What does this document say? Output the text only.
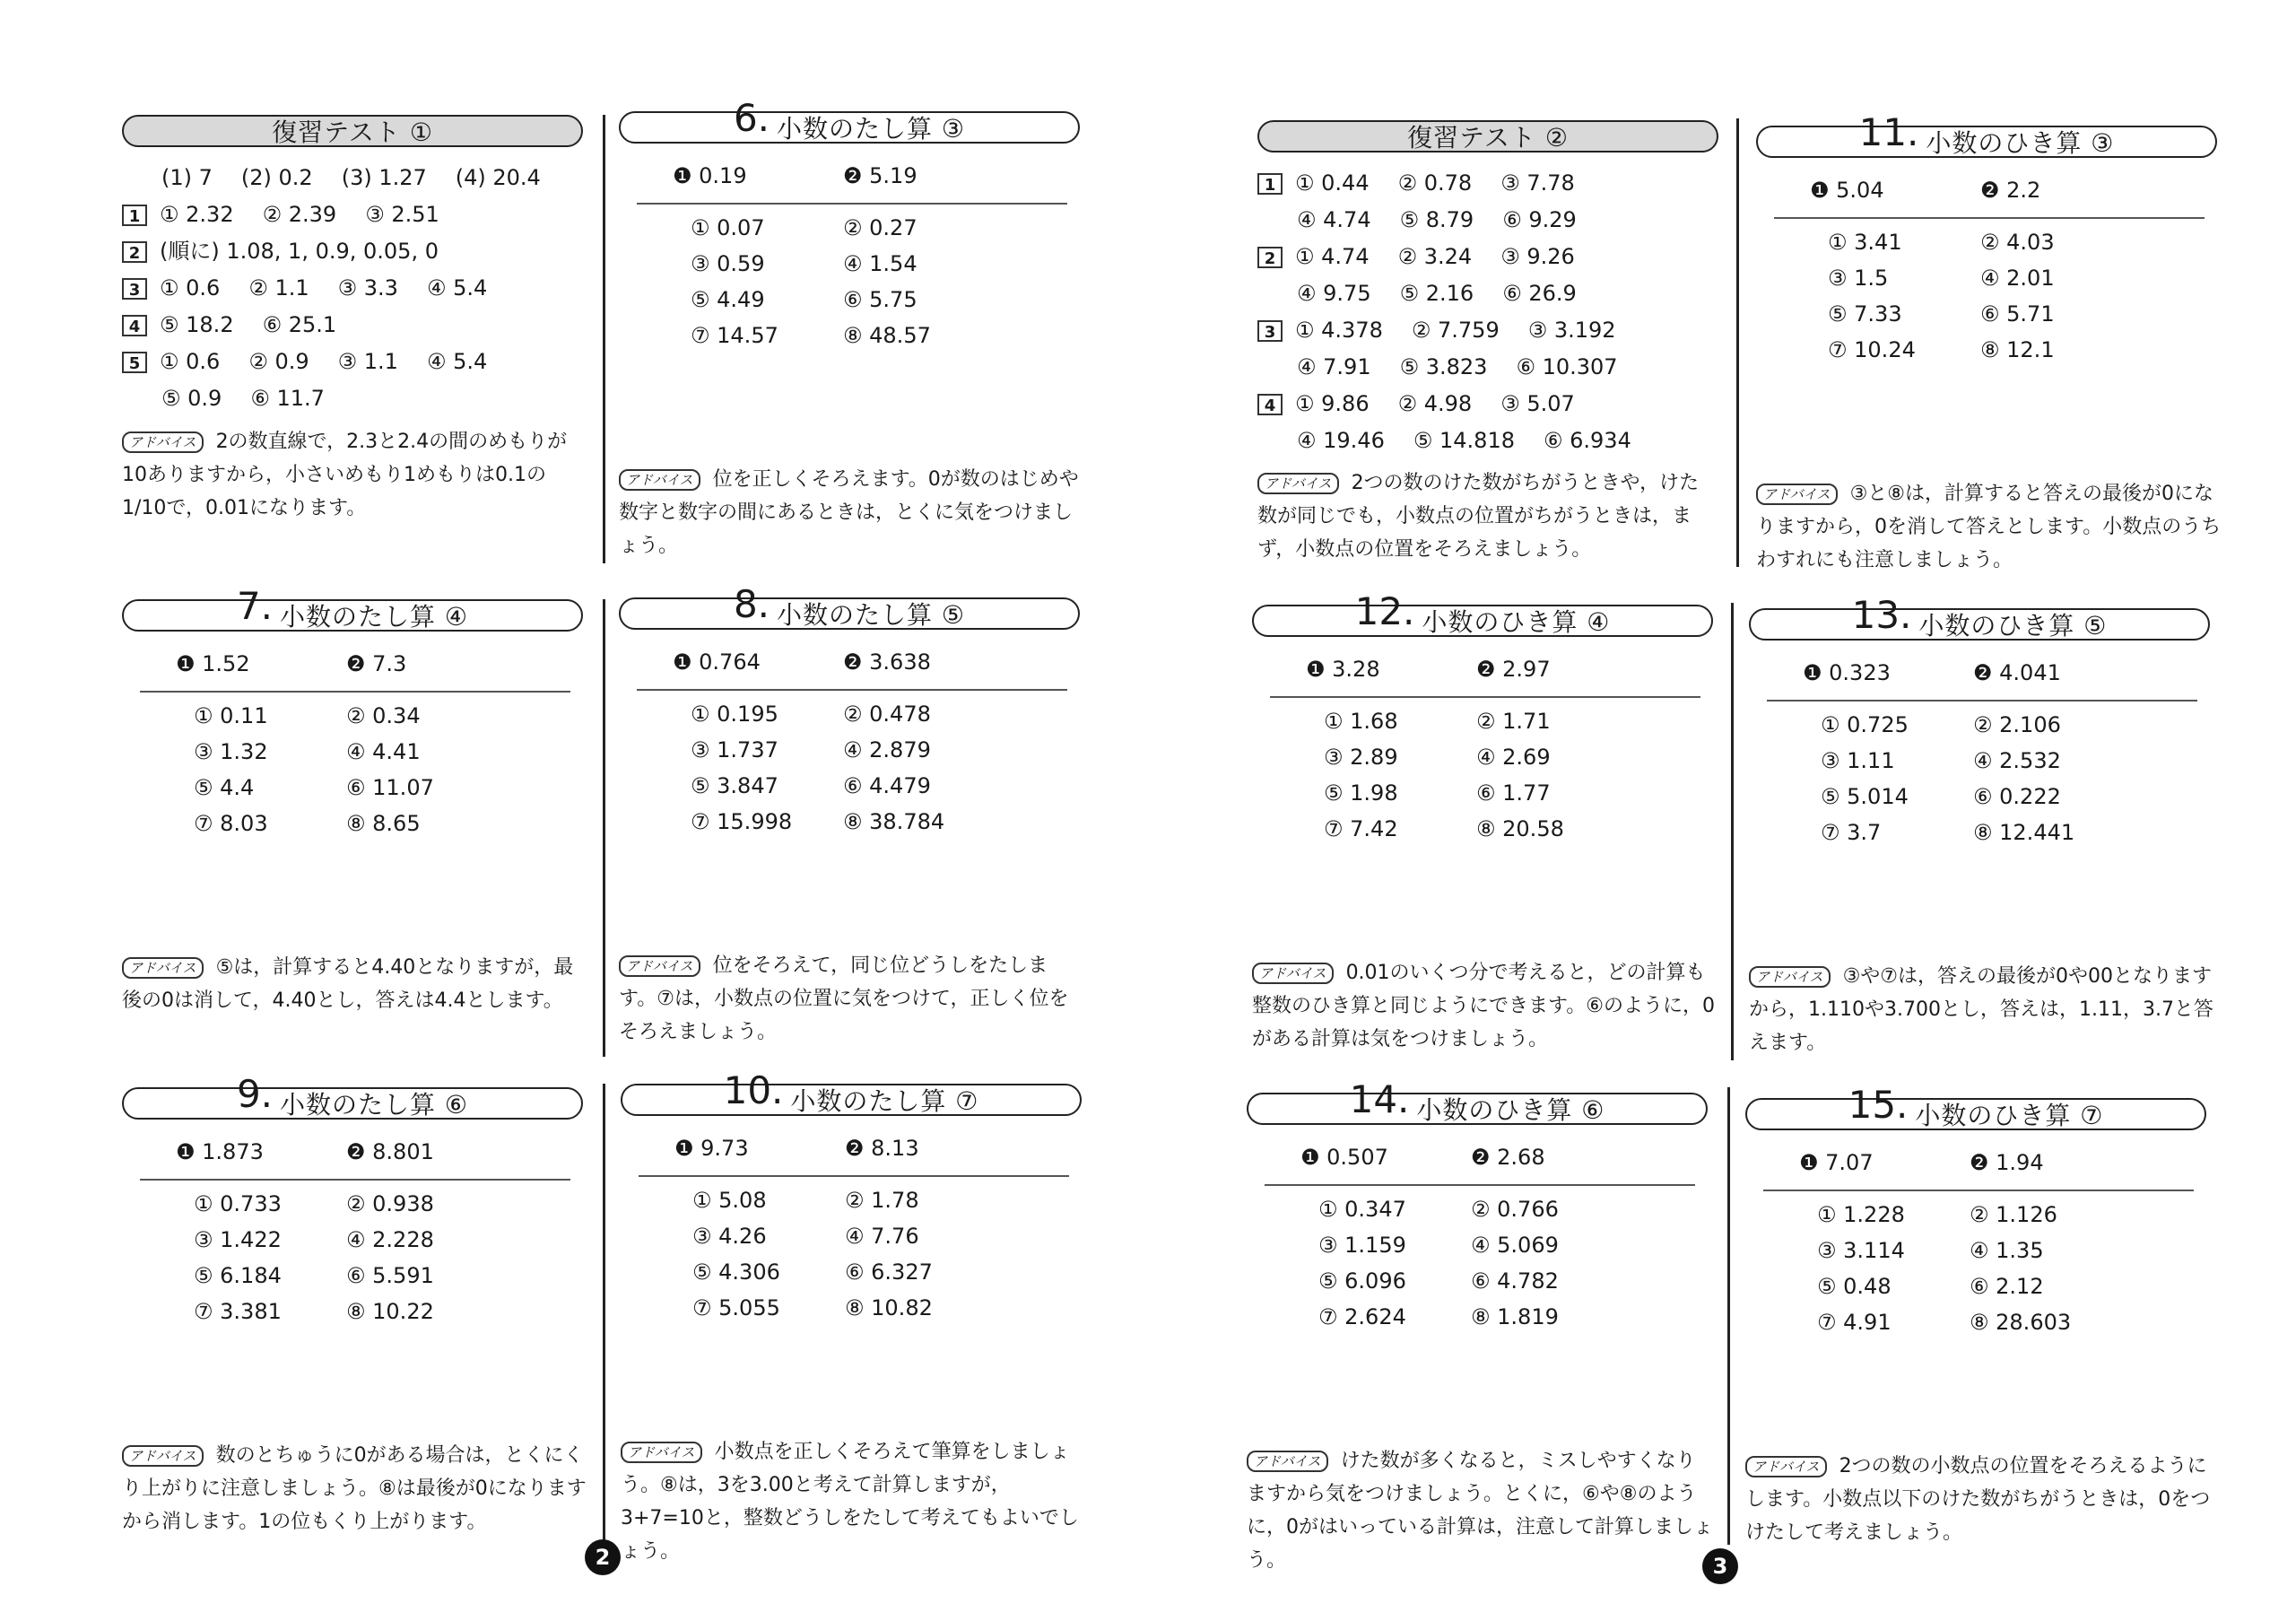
復習テスト ①
(1) 7 (2) 0.2 (3) 1.27 (4) 20.4
1 ① 2.32 ② 2.39 ③ 2.51
2 (順に) 1.08, 1, 0.9, 0.05, 0
3 ① 0.6 ② 1.1 ③ 3.3 ④ 5.4
4 ⑤ 18.2 ⑥ 25.1
5 ① 0.6 ② 0.9 ③ 1.1 ④ 5.4
⑤ 0.9 ⑥ 11.7
アドバイス 2の数直線で，2.3と2.4の間のめもりが10ありますから，小さいめもり1めもりは0.1の1/10で，0.01になります。
復習テスト ②
1 ① 0.44 ② 0.78 ③ 7.78
④ 4.74 ⑤ 8.79 ⑥ 9.29
2 ① 4.74 ② 3.24 ③ 9.26
④ 9.75 ⑤ 2.16 ⑥ 26.9
3 ① 4.378 ② 7.759 ③ 3.192
④ 7.91 ⑤ 3.823 ⑥ 10.307
4 ① 9.86 ② 4.98 ③ 5.07
④ 19.46 ⑤ 14.818 ⑥ 6.934
アドバイス 2つの数のけた数がちがうときや，けた数が同じでも，小数点の位置がちがうときは，まず，小数点の位置をそろえましょう。
6. 小数のたし算 ③
❶ 0.19	❷ 5.19
① 0.07	② 0.27
③ 0.59	④ 1.54
⑤ 4.49	⑥ 5.75
⑦ 14.57	⑧ 48.57
アドバイス 位を正しくそろえます。0が数のはじめや数字と数字の間にあるときは，とくに気をつけましょう。
7. 小数のたし算 ④
❶ 1.52	❷ 7.3
① 0.11	② 0.34
③ 1.32	④ 4.41
⑤ 4.4	⑥ 11.07
⑦ 8.03	⑧ 8.65
アドバイス ⑤は，計算すると4.40となりますが，最後の0は消して，4.40とし，答えは4.4とします。
8. 小数のたし算 ⑤
❶ 0.764	❷ 3.638
① 0.195	② 0.478
③ 1.737	④ 2.879
⑤ 3.847	⑥ 4.479
⑦ 15.998	⑧ 38.784
アドバイス 位をそろえて，同じ位どうしをたします。⑦は，小数点の位置に気をつけて，正しく位をそろえましょう。
9. 小数のたし算 ⑥
❶ 1.873	❷ 8.801
① 0.733	② 0.938
③ 1.422	④ 2.228
⑤ 6.184	⑥ 5.591
⑦ 3.381	⑧ 10.22
アドバイス 数のとちゅうに0がある場合は，とくにくり上がりに注意しましょう。⑧は最後が0になりますから消します。1の位もくり上がります。
10. 小数のたし算 ⑦
❶ 9.73	❷ 8.13
① 5.08	② 1.78
③ 4.26	④ 7.76
⑤ 4.306	⑥ 6.327
⑦ 5.055	⑧ 10.82
アドバイス 小数点を正しくそろえて筆算をしましょう。⑧は，3を3.00と考えて計算しますが，3+7=10と，整数どうしをたして考えてもよいでしょう。
11. 小数のひき算 ③
❶ 5.04	❷ 2.2
① 3.41	② 4.03
③ 1.5	④ 2.01
⑤ 7.33	⑥ 5.71
⑦ 10.24	⑧ 12.1
アドバイス ③と⑧は，計算すると答えの最後が0になりますから，0を消して答えとします。小数点のうちわすれにも注意しましょう。
12. 小数のひき算 ④
❶ 3.28	❷ 2.97
① 1.68	② 1.71
③ 2.89	④ 2.69
⑤ 1.98	⑥ 1.77
⑦ 7.42	⑧ 20.58
アドバイス 0.01のいくつ分で考えると，どの計算も整数のひき算と同じようにできます。⑥のように，0がある計算は気をつけましょう。
13. 小数のひき算 ⑤
❶ 0.323	❷ 4.041
① 0.725	② 2.106
③ 1.11	④ 2.532
⑤ 5.014	⑥ 0.222
⑦ 3.7	⑧ 12.441
アドバイス ③や⑦は，答えの最後が0や00となりますから，1.110や3.700とし，答えは，1.11，3.7と答えます。
14. 小数のひき算 ⑥
❶ 0.507	❷ 2.68
① 0.347	② 0.766
③ 1.159	④ 5.069
⑤ 6.096	⑥ 4.782
⑦ 2.624	⑧ 1.819
アドバイス けた数が多くなると，ミスしやすくなりますから気をつけましょう。とくに，⑥や⑧のように，0がはいっている計算は，注意して計算しましょう。
15. 小数のひき算 ⑦
❶ 7.07	❷ 1.94
① 1.228	② 1.126
③ 3.114	④ 1.35
⑤ 0.48	⑥ 2.12
⑦ 4.91	⑧ 28.603
アドバイス 2つの数の小数点の位置をそろえるようにします。小数点以下のけた数がちがうときは，0をつけたして考えましょう。
2	3
